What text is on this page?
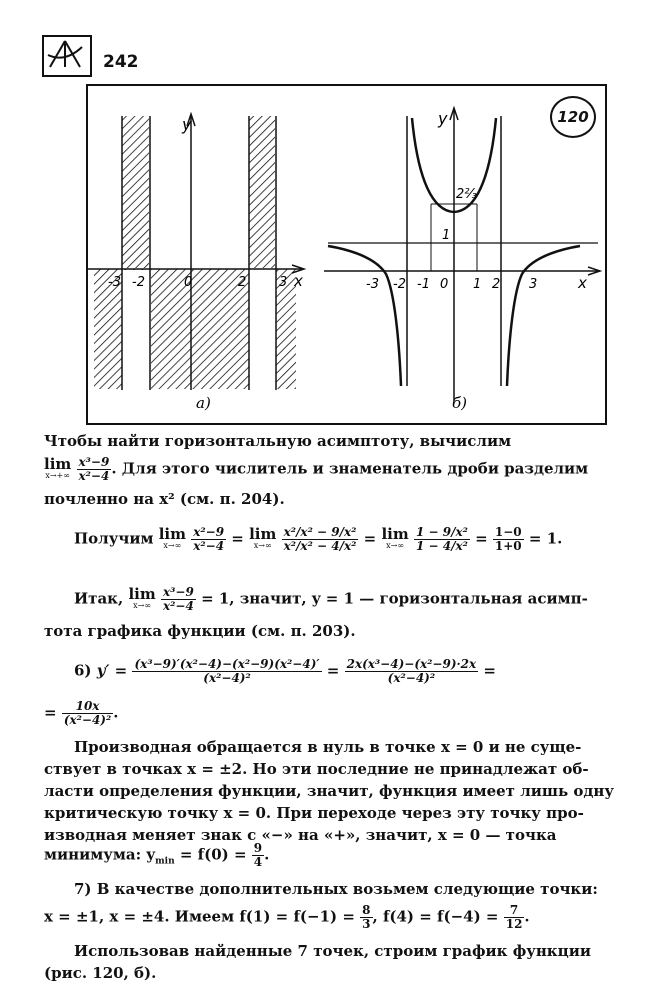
242
y
x
-3 -2	0	2	3
а)
y
x
1
2²⁄₃
-3 -2 -1 0 1 2 3
б)
120
Чтобы найти горизонтальную асимптоту, вычислим
lim
x→+∞
$\frac{\text{x³−9}}{\text{x²−4}}$ . Для этого числитель и знаменатель дроби разделим
почленно на x² (см. п. 204).
Получим lim
x→∞
$\frac{\text{x²−9}}{\text{x²−4}} = \lim$
x→∞
$\frac{\text{x²/x² − 9/x²}}{\text{x²/x² − 4/x²}} = \lim$
x→∞
$\frac{\text{1 − 9/x²}}{\text{1 − 4/x²}} = \frac{1-0}{1+0} = 1$.
Итак, lim
x→∞
$\frac{\text{x³−9}}{\text{x²−4}} = 1$, значит, y = 1 — горизонтальная асимп-
тота графика функции (см. п. 203).
6) $y' = \frac{\text{(x³−9)′(x²−4)−(x²−9)(x²−4)′}}{\text{(x²−4)²}} = \frac{\text{2x(x³−4)−(x²−9)·2x}}{\text{(x²−4)²}}$ =
= $\frac{10x}{\text{(x²−4)²}}$ .
Производная обращается в нуль в точке x = 0 и не суще-
ствует в точках x = ±2. Но эти последние не принадлежат об-
ласти определения функции, значит, функция имеет лишь одну
критическую точку x = 0. При переходе через эту точку про-
изводная меняет знак с «−» на «+», значит, x = 0 — точка
минимума: $y_{min} = f(0) = \frac{9}{4}$ .
7) В качестве дополнительных возьмем следующие точки:
x = ±1, x = ±4. Имеем $f(1) = f(-1) = \frac{8}{3}$ , $f(4) = f(-4) = \frac{7}{12}$ .
Использовав найденные 7 точек, строим график функции
(рис. 120, б).
